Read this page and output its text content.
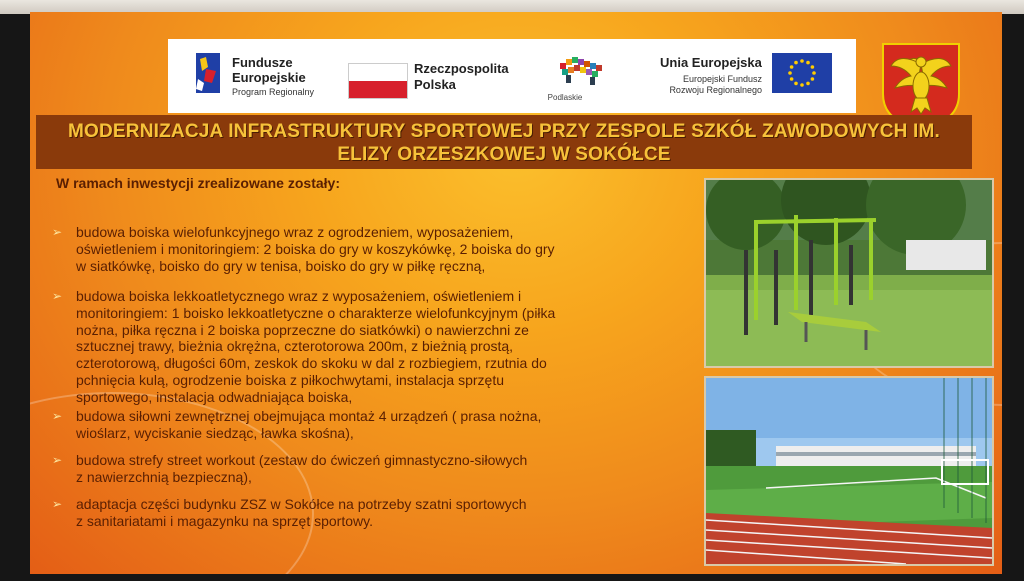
Fundusze
Europejskie
Program Regionalny
Rzeczpospolita
Polska
Podlaskie
Unia Europejska
Europejski Fundusz
Rozwoju Regionalnego
MODERNIZACJA INFRASTRUKTURY SPORTOWEJ PRZY ZESPOLE SZKÓŁ ZAWODOWYCH IM.
ELIZY ORZESZKOWEJ W SOKÓŁCE
W ramach inwestycji zrealizowane zostały:
➢ budowa boiska wielofunkcyjnego wraz z ogrodzeniem, wyposażeniem,
oświetleniem i monitoringiem: 2 boiska do gry w koszykówkę, 2 boiska do gry
w siatkówkę, boisko do gry w tenisa, boisko do gry w piłkę ręczną,
➢ budowa boiska lekkoatletycznego wraz z wyposażeniem, oświetleniem i
monitoringiem: 1 boisko lekkoatletyczne o charakterze wielofunkcyjnym (piłka
nożna, piłka ręczna i 2 boiska poprzeczne do siatkówki) o nawierzchni ze
sztucznej trawy, bieżnia okrężna, czterotorowa 200m, z bieżnią prostą,
czterotorową, długości 60m, zeskok do skoku w dal z rozbiegiem, rzutnia do
pchnięcia kulą, ogrodzenie boiska z piłkochwytami, instalacja sprzętu
sportowego, instalacja odwadniająca boiska,
➢ budowa siłowni zewnętrznej obejmująca montaż 4 urządzeń ( prasa nożna,
wioślarz, wyciskanie siedząc, ławka skośna),
➢ budowa strefy street workout (zestaw do ćwiczeń gimnastyczno-siłowych
z nawierzchnią bezpieczną),
➢ adaptacja części budynku ZSZ w Sokółce na potrzeby szatni sportowych
z sanitariatami i magazynku na sprzęt sportowy.
